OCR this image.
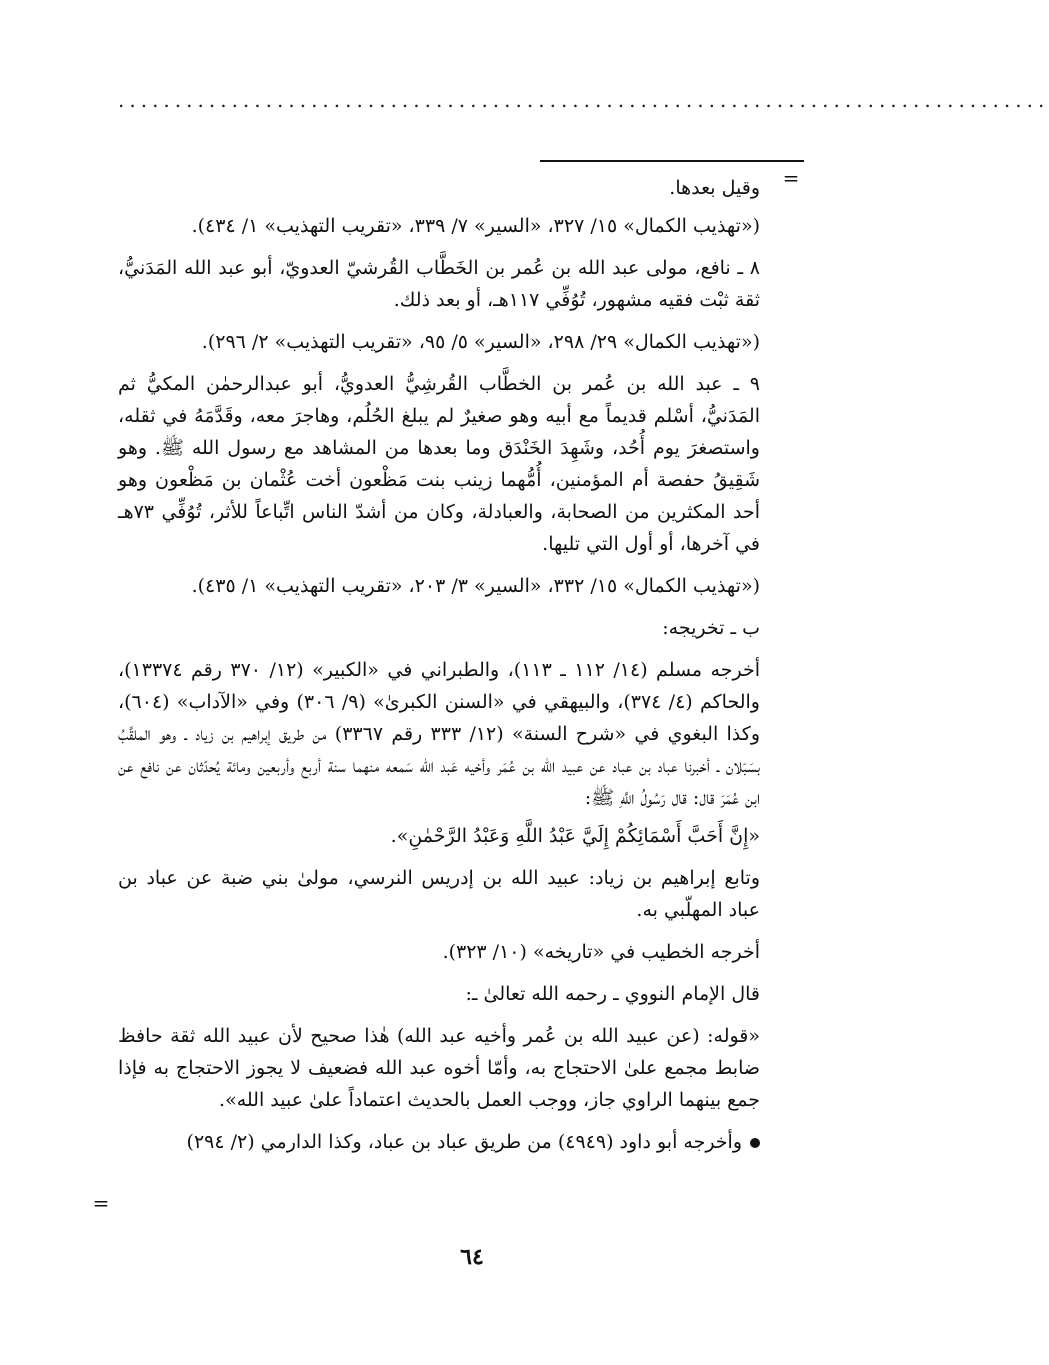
..................................................................................
=

وقيل بعدها.

(«تهذيب الكمال» ١٥/ ٣٢٧، «السير» ٧/ ٣٣٩، «تقريب التهذيب» ١/ ٤٣٤).

٨ ـ نافع، مولى عبد الله بن عُمر بن الخَطَّاب القُرشيّ العدويّ، أبو عبد الله المَدَنيُّ، ثقة ثبْت فقيه مشهور، تُوُفِّي ١١٧هـ، أو بعد ذلك.

(«تهذيب الكمال» ٢٩/ ٢٩٨، «السير» ٥/ ٩٥، «تقريب التهذيب» ٢/ ٢٩٦).

٩ ـ عبد الله بن عُمر بن الخطَّاب القُرشِيُّ العدويُّ، أبو عبدالرحمٰن المكيُّ ثم المَدَنيُّ، أسْلم قديماً مع أبيه وهو صغيرٌ لم يبلغ الحُلُم، وهاجرَ معه، وقَدَّمَهُ في ثقله، واستصغرَ يوم أُحُد، وشَهِدَ الخَنْدَق وما بعدها من المشاهد مع رسول الله ﷺ. وهو شَقِيقُ حفصة أم المؤمنين، أُمُّهما زينب بنت مَظْعون أخت عُثْمان بن مَظْعون وهو أحد المكثرين من الصحابة، والعبادلة، وكان من أشدّ الناس اتِّباعاً للأثر، تُوُفِّي ٧٣هـ في آخرها، أو أول التي تليها.

(«تهذيب الكمال» ١٥/ ٣٣٢، «السير» ٣/ ٢٠٣، «تقريب التهذيب» ١/ ٤٣٥).

ب ـ تخريجه:

أخرجه مسلم (١٤/ ١١٢ ـ ١١٣)، والطبراني في «الكبير» (١٢/ ٣٧٠ رقم ١٣٣٧٤)، والحاكم (٤/ ٣٧٤)، والبيهقي في «السنن الكبرىٰ» (٩/ ٣٠٦) وفي «الآداب» (٦٠٤)، وكذا البغوي في «شرح السنة» (١٢/ ٣٣٣ رقم ٣٣٦٧) من طريق إبراهيم بن زياد ـ وهو الملقَّبُ بسَبَلان ـ أخبرنا عباد بن عباد عن عبيد الله بن عُمَر وأخيه عَبد الله سَمعه منهما سنة أربع وأربعين ومائة يُحدّثان عن نافع عن ابن عُمَرَ قال: قال رَسُولُ اللَّهِ ﷺ:

«إِنَّ أَحَبَّ أَسْمَائِكُمْ إِلَيَّ عَبْدُ اللَّهِ وَعَبْدُ الرَّحْمٰنِ».

وتابع إبراهيم بن زياد: عبيد الله بن إدريس النرسي، مولىٰ بني ضبة عن عباد بن عباد المهلّبي به.

أخرجه الخطيب في «تاريخه» (١٠/ ٣٢٣).

قال الإمام النووي ـ رحمه الله تعالىٰ ـ:

«قوله: (عن عبيد الله بن عُمر وأخيه عبد الله) هٰذا صحيح لأن عبيد الله ثقة حافظ ضابط مجمع علىٰ الاحتجاج به، وأمّا أخوه عبد الله فضعيف لا يجوز الاحتجاج به فإذا جمع بينهما الراوي جاز، ووجب العمل بالحديث اعتماداً علىٰ عبيد الله».

وأخرجه أبو داود (٤٩٤٩) من طريق عباد بن عباد، وكذا الدارمي (٢/ ٢٩٤)

=
٦٤
